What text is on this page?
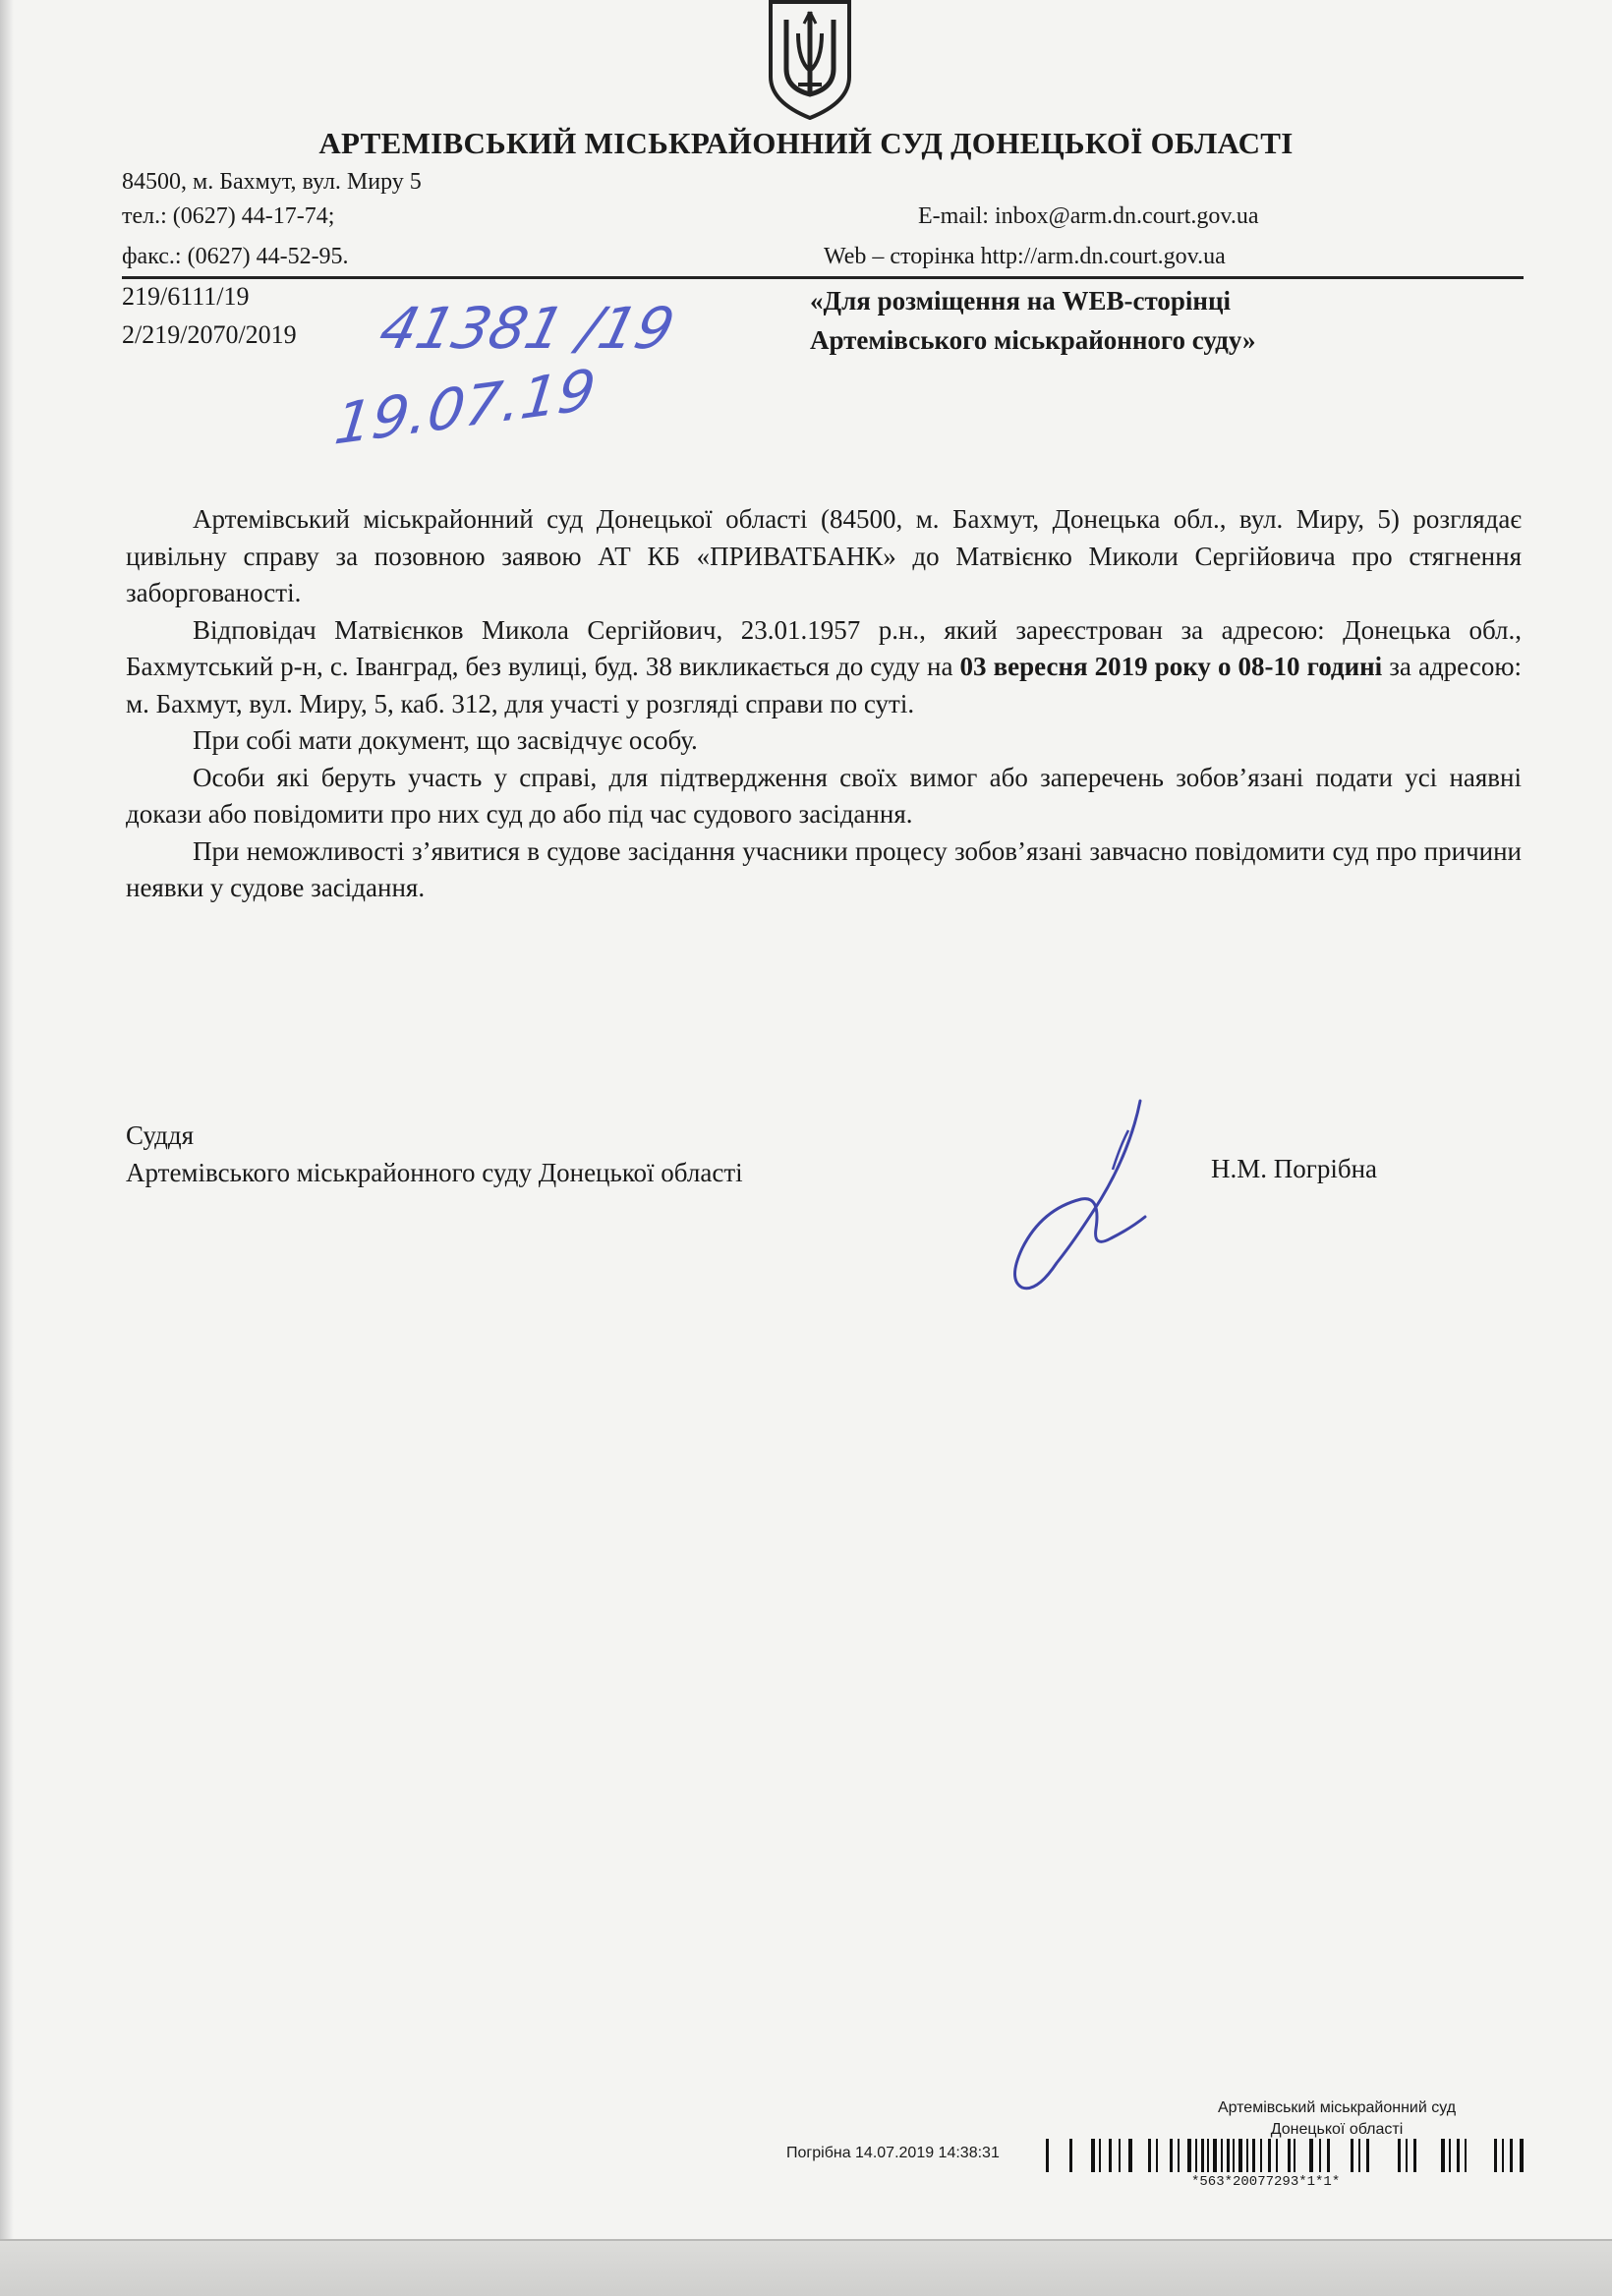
АРТЕМІВСЬКИЙ МІСЬКРАЙОННИЙ СУД ДОНЕЦЬКОЇ ОБЛАСТІ
84500, м. Бахмут, вул. Миру 5
тел.: (0627) 44-17-74;
факс.: (0627) 44-52-95.
E-mail: inbox@arm.dn.court.gov.ua
Web – сторінка http://arm.dn.court.gov.ua
219/6111/19
2/219/2070/2019
«Для розміщення на WEB-сторінці
Артемівського міськрайонного суду»
41381 /19
19.07.19

Артемівський міськрайонний суд Донецької області (84500, м. Бахмут, Донецька обл., вул. Миру, 5) розглядає цивільну справу за позовною заявою АТ КБ «ПРИВАТБАНК» до Матвієнко Миколи Сергійовича про стягнення заборгованості.

Відповідач Матвієнков Микола Сергійович, 23.01.1957 р.н., який зареєстрован за адресою: Донецька обл., Бахмутський р-н, с. Іванград, без вулиці, буд. 38 викликається до суду на 03 вересня 2019 року о 08-10 годині за адресою: м. Бахмут, вул. Миру, 5, каб. 312, для участі у розгляді справи по суті.

При собі мати документ, що засвідчує особу.

Особи які беруть участь у справі, для підтвердження своїх вимог або заперечень зобов’язані подати усі наявні докази або повідомити про них суд до або під час судового засідання.

При неможливості з’явитися в судове засідання учасники процесу зобов’язані завчасно повідомити суд про причини неявки у судове засідання.

Суддя
Артемівського міськрайонного суду Донецької області	Н.М. Погрібна
Артемівський міськрайонний суд
Донецької області
Погрібна 14.07.2019 14:38:31
*563*20077293*1*1*
